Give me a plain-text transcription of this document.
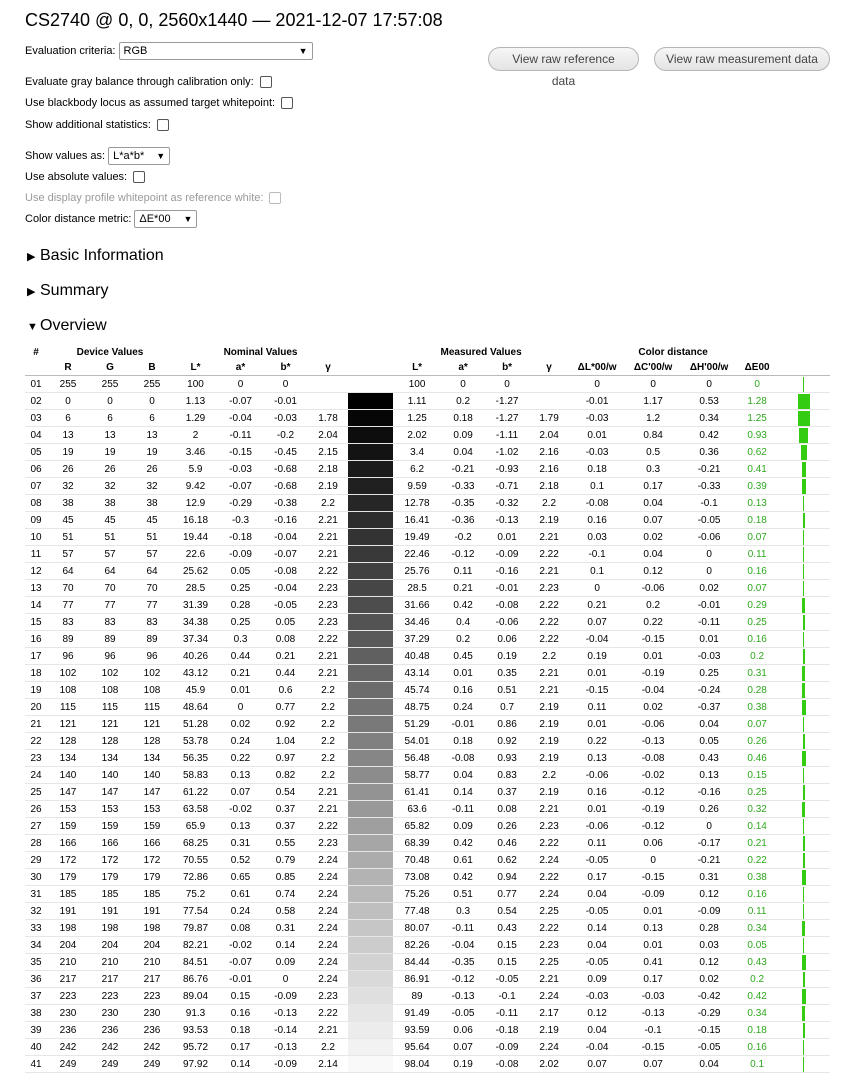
CS2740 @ 0, 0, 2560x1440 — 2021-12-07 17:57:08
View raw reference data
View raw measurement data
Evaluation criteria: RGB	▼
Evaluate gray balance through calibration only:
Use blackbody locus as assumed target whitepoint:
Show additional statistics:
Show values as: L*a*b* ▼
Use absolute values:
Use display profile whitepoint as reference white:
Color distance metric: ΔE*00 ▼
▶ Basic Information
▶ Summary
▼ Overview
#	Device Values			Nominal Values					Measured Values				Color distance				
	R	G	B	L*	a*	b*	γ		L*	a*	b*	γ	ΔL*00/w	ΔC'00/w	ΔH'00/w	ΔE00	
01	255	255	255	100	0	0			100	0	0		0	0	0	0	
02	0	0	0	1.13	-0.07	-0.01			1.11	0.2	-1.27		-0.01	1.17	0.53	1.28	
03	6	6	6	1.29	-0.04	-0.03	1.78		1.25	0.18	-1.27	1.79	-0.03	1.2	0.34	1.25	
04	13	13	13	2	-0.11	-0.2	2.04		2.02	0.09	-1.11	2.04	0.01	0.84	0.42	0.93	
05	19	19	19	3.46	-0.15	-0.45	2.15		3.4	0.04	-1.02	2.16	-0.03	0.5	0.36	0.62	
06	26	26	26	5.9	-0.03	-0.68	2.18		6.2	-0.21	-0.93	2.16	0.18	0.3	-0.21	0.41	
07	32	32	32	9.42	-0.07	-0.68	2.19		9.59	-0.33	-0.71	2.18	0.1	0.17	-0.33	0.39	
08	38	38	38	12.9	-0.29	-0.38	2.2		12.78	-0.35	-0.32	2.2	-0.08	0.04	-0.1	0.13	
09	45	45	45	16.18	-0.3	-0.16	2.21		16.41	-0.36	-0.13	2.19	0.16	0.07	-0.05	0.18	
10	51	51	51	19.44	-0.18	-0.04	2.21		19.49	-0.2	0.01	2.21	0.03	0.02	-0.06	0.07	
11	57	57	57	22.6	-0.09	-0.07	2.21		22.46	-0.12	-0.09	2.22	-0.1	0.04	0	0.11	
12	64	64	64	25.62	0.05	-0.08	2.22		25.76	0.11	-0.16	2.21	0.1	0.12	0	0.16	
13	70	70	70	28.5	0.25	-0.04	2.23		28.5	0.21	-0.01	2.23	0	-0.06	0.02	0.07	
14	77	77	77	31.39	0.28	-0.05	2.23		31.66	0.42	-0.08	2.22	0.21	0.2	-0.01	0.29	
15	83	83	83	34.38	0.25	0.05	2.23		34.46	0.4	-0.06	2.22	0.07	0.22	-0.11	0.25	
16	89	89	89	37.34	0.3	0.08	2.22		37.29	0.2	0.06	2.22	-0.04	-0.15	0.01	0.16	
17	96	96	96	40.26	0.44	0.21	2.21		40.48	0.45	0.19	2.2	0.19	0.01	-0.03	0.2	
18	102	102	102	43.12	0.21	0.44	2.21		43.14	0.01	0.35	2.21	0.01	-0.19	0.25	0.31	
19	108	108	108	45.9	0.01	0.6	2.2		45.74	0.16	0.51	2.21	-0.15	-0.04	-0.24	0.28	
20	115	115	115	48.64	0	0.77	2.2		48.75	0.24	0.7	2.19	0.11	0.02	-0.37	0.38	
21	121	121	121	51.28	0.02	0.92	2.2		51.29	-0.01	0.86	2.19	0.01	-0.06	0.04	0.07	
22	128	128	128	53.78	0.24	1.04	2.2		54.01	0.18	0.92	2.19	0.22	-0.13	0.05	0.26	
23	134	134	134	56.35	0.22	0.97	2.2		56.48	-0.08	0.93	2.19	0.13	-0.08	0.43	0.46	
24	140	140	140	58.83	0.13	0.82	2.2		58.77	0.04	0.83	2.2	-0.06	-0.02	0.13	0.15	
25	147	147	147	61.22	0.07	0.54	2.21		61.41	0.14	0.37	2.19	0.16	-0.12	-0.16	0.25	
26	153	153	153	63.58	-0.02	0.37	2.21		63.6	-0.11	0.08	2.21	0.01	-0.19	0.26	0.32	
27	159	159	159	65.9	0.13	0.37	2.22		65.82	0.09	0.26	2.23	-0.06	-0.12	0	0.14	
28	166	166	166	68.25	0.31	0.55	2.23		68.39	0.42	0.46	2.22	0.11	0.06	-0.17	0.21	
29	172	172	172	70.55	0.52	0.79	2.24		70.48	0.61	0.62	2.24	-0.05	0	-0.21	0.22	
30	179	179	179	72.86	0.65	0.85	2.24		73.08	0.42	0.94	2.22	0.17	-0.15	0.31	0.38	
31	185	185	185	75.2	0.61	0.74	2.24		75.26	0.51	0.77	2.24	0.04	-0.09	0.12	0.16	
32	191	191	191	77.54	0.24	0.58	2.24		77.48	0.3	0.54	2.25	-0.05	0.01	-0.09	0.11	
33	198	198	198	79.87	0.08	0.31	2.24		80.07	-0.11	0.43	2.22	0.14	0.13	0.28	0.34	
34	204	204	204	82.21	-0.02	0.14	2.24		82.26	-0.04	0.15	2.23	0.04	0.01	0.03	0.05	
35	210	210	210	84.51	-0.07	0.09	2.24		84.44	-0.35	0.15	2.25	-0.05	0.41	0.12	0.43	
36	217	217	217	86.76	-0.01	0	2.24		86.91	-0.12	-0.05	2.21	0.09	0.17	0.02	0.2	
37	223	223	223	89.04	0.15	-0.09	2.23		89	-0.13	-0.1	2.24	-0.03	-0.03	-0.42	0.42	
38	230	230	230	91.3	0.16	-0.13	2.22		91.49	-0.05	-0.11	2.17	0.12	-0.13	-0.29	0.34	
39	236	236	236	93.53	0.18	-0.14	2.21		93.59	0.06	-0.18	2.19	0.04	-0.1	-0.15	0.18	
40	242	242	242	95.72	0.17	-0.13	2.2		95.64	0.07	-0.09	2.24	-0.04	-0.15	-0.05	0.16	
41	249	249	249	97.92	0.14	-0.09	2.14		98.04	0.19	-0.08	2.02	0.07	0.07	0.04	0.1	
